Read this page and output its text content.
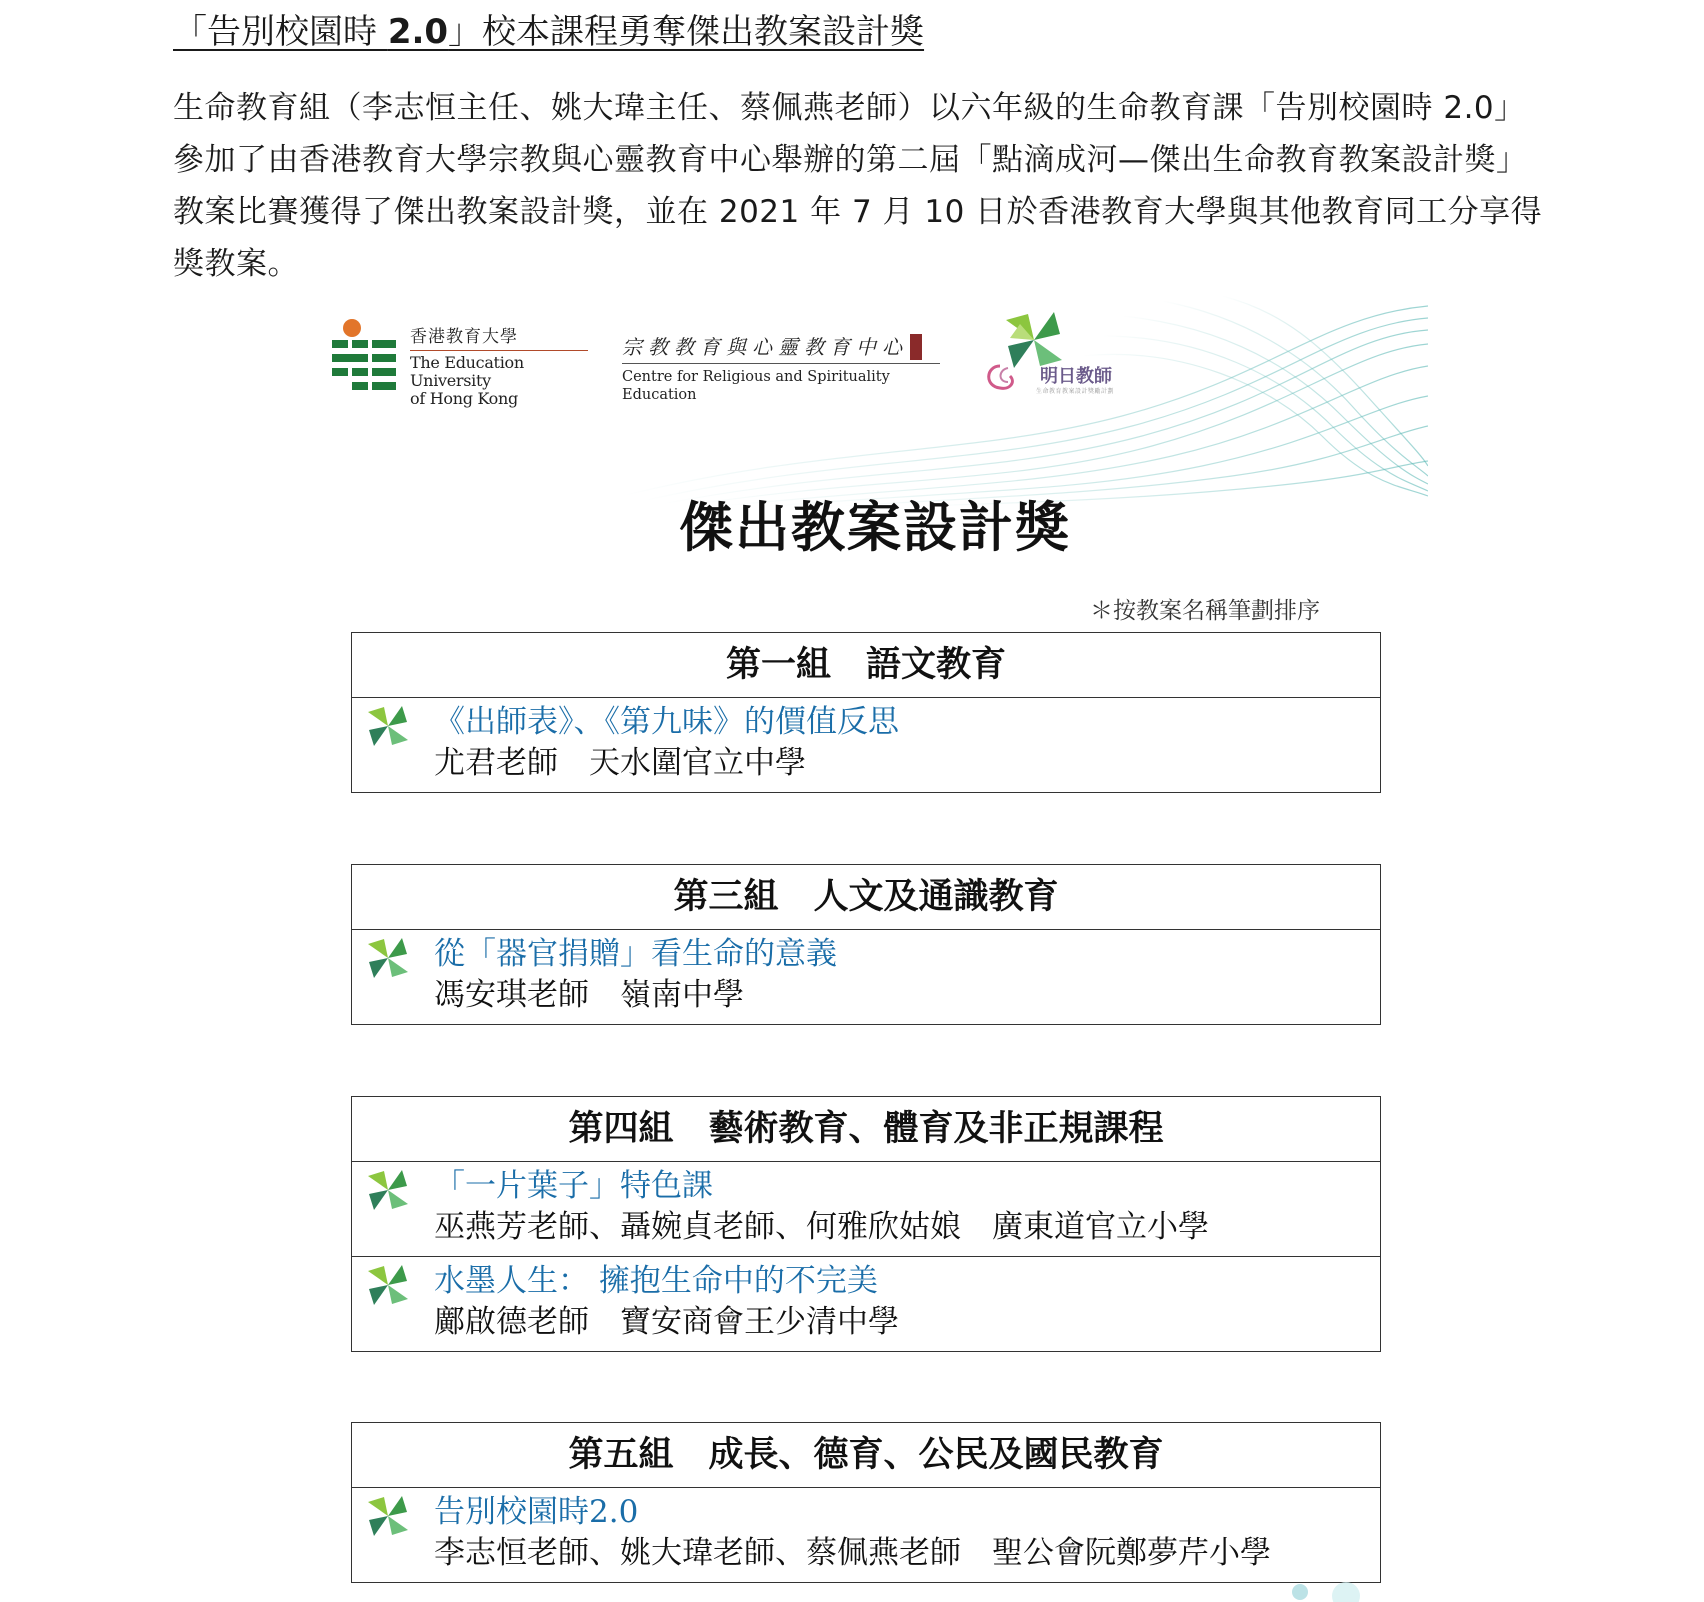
「告別校園時 2.0」校本課程勇奪傑出教案設計獎

生命教育組（李志恒主任、姚大瑋主任、蔡佩燕老師）以六年級的生命教育課「告別校園時 2.0」參加了由香港教育大學宗教與心靈教育中心舉辦的第二屆「點滴成河—傑出生命教育教案設計獎」教案比賽獲得了傑出教案設計獎，並在 2021 年 7 月 10 日於香港教育大學與其他教育同工分享得獎教案。

香港教育大學
The Education University
of Hong Kong
宗教教育與心靈教育中心
Centre for Religious and Spirituality Education
明日教師
生命教育教案設計獎勵計劃
傑出教案設計獎

＊按教案名稱筆劃排序

第一組　語文教育
《出師表》、《第九味》的價值反思
尤君老師　天水圍官立中學
第三組　人文及通識教育
從「器官捐贈」看生命的意義
馮安琪老師　嶺南中學
第四組　藝術教育、體育及非正規課程
「一片葉子」特色課
巫燕芳老師、聶婉貞老師、何雅欣姑娘　廣東道官立小學
水墨人生： 擁抱生命中的不完美
鄺啟德老師　寶安商會王少清中學
第五組　成長、德育、公民及國民教育
告別校園時2.0
李志恒老師、姚大瑋老師、蔡佩燕老師　聖公會阮鄭夢芹小學
